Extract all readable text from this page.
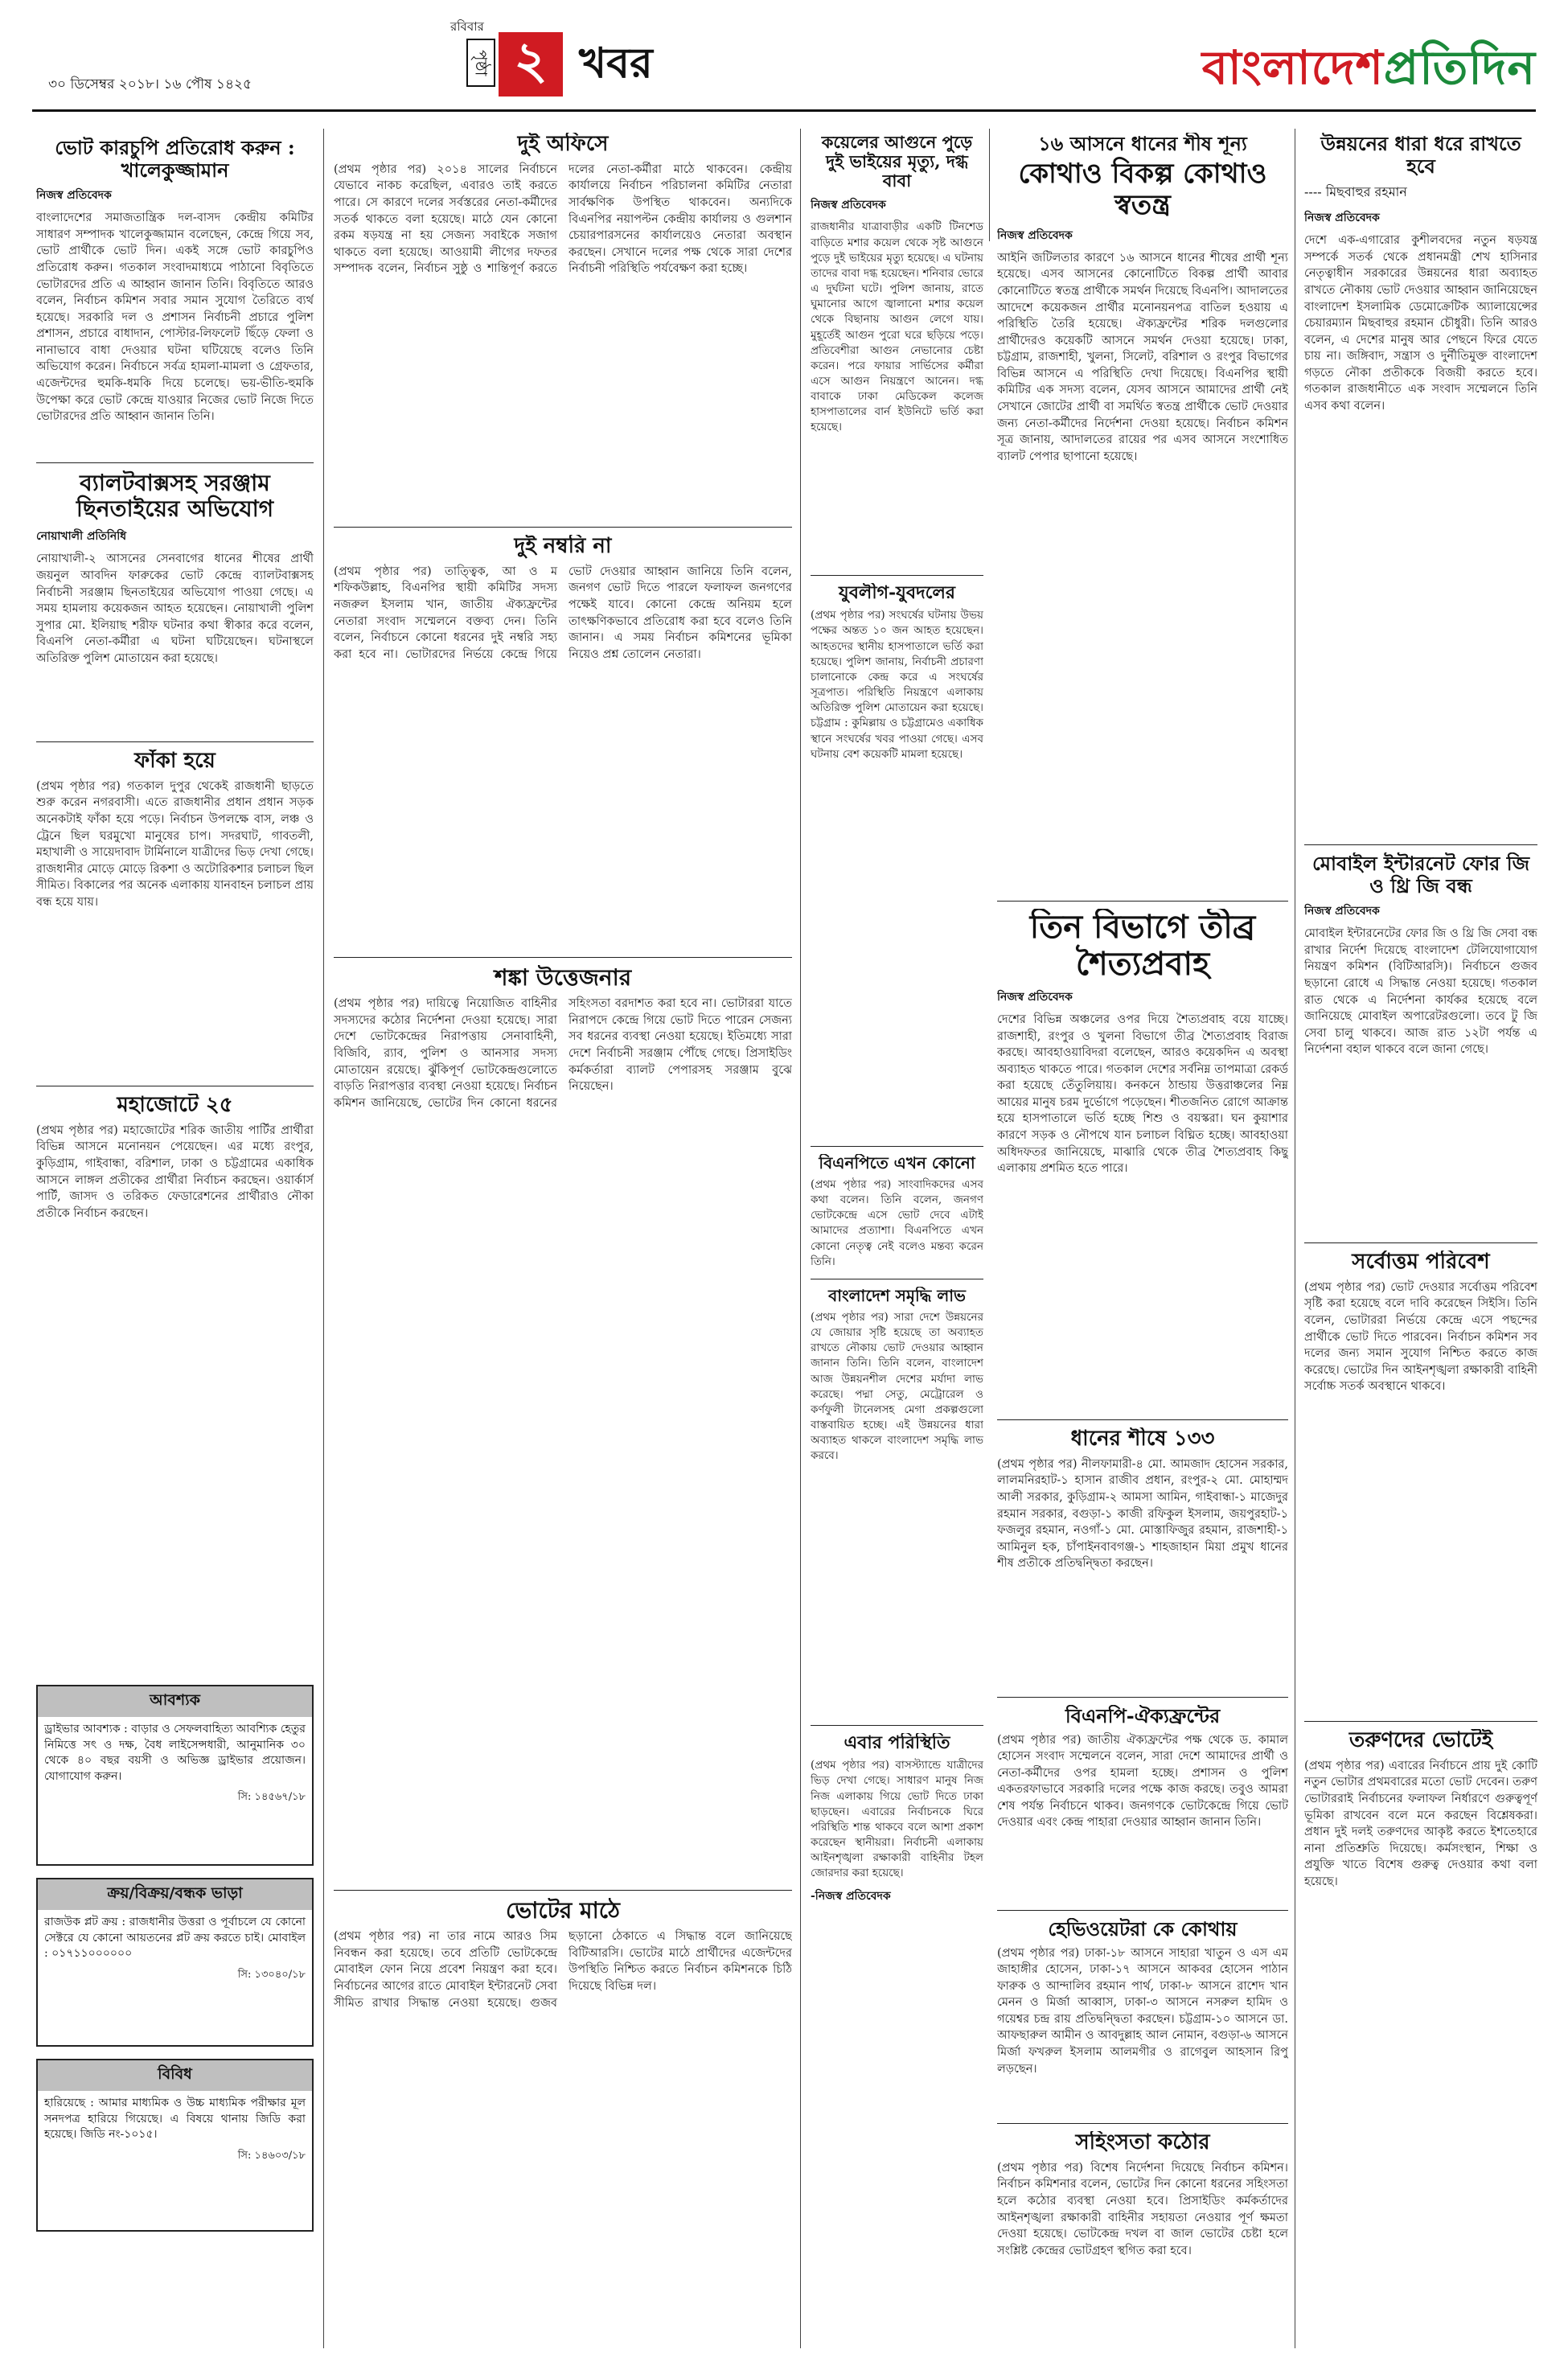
রবিবার
৩০ ডিসেম্বর ২০১৮। ১৬ পৌষ ১৪২৫
পৃষ্ঠা ২ খবর	বাংলাদেশপ্রতিদিন
ভোট কারচুপি প্রতিরোধ করুন : খালেকুজ্জামান
নিজস্ব প্রতিবেদক
বাংলাদেশের সমাজতান্ত্রিক দল-বাসদ কেন্দ্রীয় কমিটির সাধারণ সম্পাদক খালেকুজ্জামান বলেছেন, কেন্দ্রে গিয়ে সব, ভোট প্রার্থীকে ভোট দিন। একই সঙ্গে ভোট কারচুপিও প্রতিরোধ করুন। গতকাল সংবাদমাধ্যমে পাঠানো বিবৃতিতে ভোটারদের প্রতি এ আহ্বান জানান তিনি। বিবৃতিতে আরও বলেন, নির্বাচন কমিশন সবার সমান সুযোগ তৈরিতে ব্যর্থ হয়েছে। সরকারি দল ও প্রশাসন নির্বাচনী প্রচারে পুলিশ প্রশাসন, প্রচারে বাধাদান, পোস্টার-লিফলেট ছিঁড়ে ফেলা ও নানাভাবে বাধা দেওয়ার ঘটনা ঘটিয়েছে বলেও তিনি অভিযোগ করেন। নির্বাচনে সর্বত্র হামলা-মামলা ও গ্রেফতার, এজেন্টদের হুমকি-ধমকি দিয়ে চলেছে। ভয়-ভীতি-হুমকি উপেক্ষা করে ভোট কেন্দ্রে যাওয়ার নিজের ভোট নিজে দিতে ভোটারদের প্রতি আহ্বান জানান তিনি।
ব্যালটবাক্সসহ সরঞ্জাম ছিনতাইয়ের অভিযোগ
নোয়াখালী প্রতিনিধি
নোয়াখালী-২ আসনের সেনবাগের ধানের শীষের প্রার্থী জয়নুল আবদিন ফারুকের ভোট কেন্দ্রে ব্যালটবাক্সসহ নির্বাচনী সরঞ্জাম ছিনতাইয়ের অভিযোগ পাওয়া গেছে। এ সময় হামলায় কয়েকজন আহত হয়েছেন। নোয়াখালী পুলিশ সুপার মো. ইলিয়াছ শরীফ ঘটনার কথা স্বীকার করে বলেন, বিএনপি নেতা-কর্মীরা এ ঘটনা ঘটিয়েছেন। ঘটনাস্থলে অতিরিক্ত পুলিশ মোতায়েন করা হয়েছে।
ফাঁকা হয়ে
(প্রথম পৃষ্ঠার পর) গতকাল দুপুর থেকেই রাজধানী ছাড়তে শুরু করেন নগরবাসী। এতে রাজধানীর প্রধান প্রধান সড়ক অনেকটাই ফাঁকা হয়ে পড়ে। নির্বাচন উপলক্ষে বাস, লঞ্চ ও ট্রেনে ছিল ঘরমুখো মানুষের চাপ। সদরঘাট, গাবতলী, মহাখালী ও সায়েদাবাদ টার্মিনালে যাত্রীদের ভিড় দেখা গেছে। রাজধানীর মোড়ে মোড়ে রিকশা ও অটোরিকশার চলাচল ছিল সীমিত। বিকালের পর অনেক এলাকায় যানবাহন চলাচল প্রায় বন্ধ হয়ে যায়।
মহাজোটে ২৫
(প্রথম পৃষ্ঠার পর) মহাজোটের শরিক জাতীয় পার্টির প্রার্থীরা বিভিন্ন আসনে মনোনয়ন পেয়েছেন। এর মধ্যে রংপুর, কুড়িগ্রাম, গাইবান্ধা, বরিশাল, ঢাকা ও চট্টগ্রামের একাধিক আসনে লাঙ্গল প্রতীকের প্রার্থীরা নির্বাচন করছেন। ওয়ার্কার্স পার্টি, জাসদ ও তরিকত ফেডারেশনের প্রার্থীরাও নৌকা প্রতীকে নির্বাচন করছেন।
আবশ্যক
ড্রাইভার আবশ্যক : বাড়ার ও সেফলবাহিত্য আবশ্যিক হেতুর নিমিত্তে সৎ ও দক্ষ, বৈধ লাইসেন্সধারী, আনুমানিক ৩০ থেকে ৪০ বছর বয়সী ও অভিজ্ঞ ড্রাইভার প্রয়োজন। যোগাযোগ করুন।
সি: ১৪৫৬৭/১৮
ক্রয়/বিক্রয়/বন্ধক ভাড়া
রাজউক প্লট ক্রয় : রাজধানীর উত্তরা ও পূর্বাচলে যে কোনো সেক্টরে যে কোনো আয়তনের প্লট ক্রয় করতে চাই। মোবাইল : ০১৭১১০০০০০০
সি: ১৩০৪০/১৮
বিবিধ
হারিয়েছে : আমার মাধ্যমিক ও উচ্চ মাধ্যমিক পরীক্ষার মূল সনদপত্র হারিয়ে গিয়েছে। এ বিষয়ে থানায় জিডি করা হয়েছে। জিডি নং-১০১৫।
সি: ১৪৬০৩/১৮
দুই অফিসে
(প্রথম পৃষ্ঠার পর) ২০১৪ সালের নির্বাচনে যেভাবে নাকচ করেছিল, এবারও তাই করতে পারে। সে কারণে দলের সর্বস্তরের নেতা-কর্মীদের সতর্ক থাকতে বলা হয়েছে। মাঠে যেন কোনো রকম ষড়যন্ত্র না হয় সেজন্য সবাইকে সজাগ থাকতে বলা হয়েছে। আওয়ামী লীগের দফতর সম্পাদক বলেন, নির্বাচন সুষ্ঠু ও শান্তিপূর্ণ করতে দলের নেতা-কর্মীরা মাঠে থাকবেন। কেন্দ্রীয় কার্যালয়ে নির্বাচন পরিচালনা কমিটির নেতারা সার্বক্ষণিক উপস্থিত থাকবেন। অন্যদিকে বিএনপির নয়াপল্টন কেন্দ্রীয় কার্যালয় ও গুলশান চেয়ারপারসনের কার্যালয়েও নেতারা অবস্থান করছেন। সেখানে দলের পক্ষ থেকে সারা দেশের নির্বাচনী পরিস্থিতি পর্যবেক্ষণ করা হচ্ছে।
দুই নম্বরি না
(প্রথম পৃষ্ঠার পর) তাত্ত্বিক, আ ও ম শফিকউল্লাহ, বিএনপির স্থায়ী কমিটির সদস্য নজরুল ইসলাম খান, জাতীয় ঐক্যফ্রন্টের নেতারা সংবাদ সম্মেলনে বক্তব্য দেন। তিনি বলেন, নির্বাচনে কোনো ধরনের দুই নম্বরি সহ্য করা হবে না। ভোটারদের নির্ভয়ে কেন্দ্রে গিয়ে ভোট দেওয়ার আহ্বান জানিয়ে তিনি বলেন, জনগণ ভোট দিতে পারলে ফলাফল জনগণের পক্ষেই যাবে। কোনো কেন্দ্রে অনিয়ম হলে তাৎক্ষণিকভাবে প্রতিরোধ করা হবে বলেও তিনি জানান। এ সময় নির্বাচন কমিশনের ভূমিকা নিয়েও প্রশ্ন তোলেন নেতারা।
শঙ্কা উত্তেজনার
(প্রথম পৃষ্ঠার পর) দায়িত্বে নিয়োজিত বাহিনীর সদস্যদের কঠোর নির্দেশনা দেওয়া হয়েছে। সারা দেশে ভোটকেন্দ্রের নিরাপত্তায় সেনাবাহিনী, বিজিবি, র‌্যাব, পুলিশ ও আনসার সদস্য মোতায়েন রয়েছে। ঝুঁকিপূর্ণ ভোটকেন্দ্রগুলোতে বাড়তি নিরাপত্তার ব্যবস্থা নেওয়া হয়েছে। নির্বাচন কমিশন জানিয়েছে, ভোটের দিন কোনো ধরনের সহিংসতা বরদাশত করা হবে না। ভোটাররা যাতে নিরাপদে কেন্দ্রে গিয়ে ভোট দিতে পারেন সেজন্য সব ধরনের ব্যবস্থা নেওয়া হয়েছে। ইতিমধ্যে সারা দেশে নির্বাচনী সরঞ্জাম পৌঁছে গেছে। প্রিসাইডিং কর্মকর্তারা ব্যালট পেপারসহ সরঞ্জাম বুঝে নিয়েছেন।
ভোটের মাঠে
(প্রথম পৃষ্ঠার পর) না তার নামে আরও সিম নিবন্ধন করা হয়েছে। তবে প্রতিটি ভোটকেন্দ্রে মোবাইল ফোন নিয়ে প্রবেশ নিয়ন্ত্রণ করা হবে। নির্বাচনের আগের রাতে মোবাইল ইন্টারনেট সেবা সীমিত রাখার সিদ্ধান্ত নেওয়া হয়েছে। গুজব ছড়ানো ঠেকাতে এ সিদ্ধান্ত বলে জানিয়েছে বিটিআরসি। ভোটের মাঠে প্রার্থীদের এজেন্টদের উপস্থিতি নিশ্চিত করতে নির্বাচন কমিশনকে চিঠি দিয়েছে বিভিন্ন দল।
কয়েলের আগুনে পুড়ে দুই ভাইয়ের মৃত্যু, দগ্ধ বাবা
নিজস্ব প্রতিবেদক
রাজধানীর যাত্রাবাড়ীর একটি টিনশেড বাড়িতে মশার কয়েল থেকে সৃষ্ট আগুনে পুড়ে দুই ভাইয়ের মৃত্যু হয়েছে। এ ঘটনায় তাদের বাবা দগ্ধ হয়েছেন। শনিবার ভোরে এ দুর্ঘটনা ঘটে। পুলিশ জানায়, রাতে ঘুমানোর আগে জ্বালানো মশার কয়েল থেকে বিছানায় আগুন লেগে যায়। মুহূর্তেই আগুন পুরো ঘরে ছড়িয়ে পড়ে। প্রতিবেশীরা আগুন নেভানোর চেষ্টা করেন। পরে ফায়ার সার্ভিসের কর্মীরা এসে আগুন নিয়ন্ত্রণে আনেন। দগ্ধ বাবাকে ঢাকা মেডিকেল কলেজ হাসপাতালের বার্ন ইউনিটে ভর্তি করা হয়েছে।
যুবলীগ-যুবদলের
(প্রথম পৃষ্ঠার পর) সংঘর্ষের ঘটনায় উভয় পক্ষের অন্তত ১০ জন আহত হয়েছেন। আহতদের স্থানীয় হাসপাতালে ভর্তি করা হয়েছে। পুলিশ জানায়, নির্বাচনী প্রচারণা চালানোকে কেন্দ্র করে এ সংঘর্ষের সূত্রপাত। পরিস্থিতি নিয়ন্ত্রণে এলাকায় অতিরিক্ত পুলিশ মোতায়েন করা হয়েছে। চট্টগ্রাম : কুমিল্লায় ও চট্টগ্রামেও একাধিক স্থানে সংঘর্ষের খবর পাওয়া গেছে। এসব ঘটনায় বেশ কয়েকটি মামলা হয়েছে।
বিএনপিতে এখন কোনো
(প্রথম পৃষ্ঠার পর) সাংবাদিকদের এসব কথা বলেন। তিনি বলেন, জনগণ ভোটকেন্দ্রে এসে ভোট দেবে এটাই আমাদের প্রত্যাশা। বিএনপিতে এখন কোনো নেতৃত্ব নেই বলেও মন্তব্য করেন তিনি।
বাংলাদেশ সমৃদ্ধি লাভ
(প্রথম পৃষ্ঠার পর) সারা দেশে উন্নয়নের যে জোয়ার সৃষ্টি হয়েছে তা অব্যাহত রাখতে নৌকায় ভোট দেওয়ার আহ্বান জানান তিনি। তিনি বলেন, বাংলাদেশ আজ উন্নয়নশীল দেশের মর্যাদা লাভ করেছে। পদ্মা সেতু, মেট্রোরেল ও কর্ণফুলী টানেলসহ মেগা প্রকল্পগুলো বাস্তবায়িত হচ্ছে। এই উন্নয়নের ধারা অব্যাহত থাকলে বাংলাদেশ সমৃদ্ধি লাভ করবে।
এবার পরিস্থিতি
(প্রথম পৃষ্ঠার পর) বাসস্ট্যান্ডে যাত্রীদের ভিড় দেখা গেছে। সাধারণ মানুষ নিজ নিজ এলাকায় গিয়ে ভোট দিতে ঢাকা ছাড়ছেন। এবারের নির্বাচনকে ঘিরে পরিস্থিতি শান্ত থাকবে বলে আশা প্রকাশ করেছেন স্থানীয়রা। নির্বাচনী এলাকায় আইনশৃঙ্খলা রক্ষাকারী বাহিনীর টহল জোরদার করা হয়েছে।
-নিজস্ব প্রতিবেদক
১৬ আসনে ধানের শীষ শূন্য
কোথাও বিকল্প কোথাও স্বতন্ত্র
নিজস্ব প্রতিবেদক
আইনি জটিলতার কারণে ১৬ আসনে ধানের শীষের প্রার্থী শূন্য হয়েছে। এসব আসনের কোনোটিতে বিকল্প প্রার্থী আবার কোনোটিতে স্বতন্ত্র প্রার্থীকে সমর্থন দিয়েছে বিএনপি। আদালতের আদেশে কয়েকজন প্রার্থীর মনোনয়নপত্র বাতিল হওয়ায় এ পরিস্থিতি তৈরি হয়েছে। ঐক্যফ্রন্টের শরিক দলগুলোর প্রার্থীদেরও কয়েকটি আসনে সমর্থন দেওয়া হয়েছে। ঢাকা, চট্টগ্রাম, রাজশাহী, খুলনা, সিলেট, বরিশাল ও রংপুর বিভাগের বিভিন্ন আসনে এ পরিস্থিতি দেখা দিয়েছে। বিএনপির স্থায়ী কমিটির এক সদস্য বলেন, যেসব আসনে আমাদের প্রার্থী নেই সেখানে জোটের প্রার্থী বা সমর্থিত স্বতন্ত্র প্রার্থীকে ভোট দেওয়ার জন্য নেতা-কর্মীদের নির্দেশনা দেওয়া হয়েছে। নির্বাচন কমিশন সূত্র জানায়, আদালতের রায়ের পর এসব আসনে সংশোধিত ব্যালট পেপার ছাপানো হয়েছে।
তিন বিভাগে তীব্র শৈত্যপ্রবাহ
নিজস্ব প্রতিবেদক
দেশের বিভিন্ন অঞ্চলের ওপর দিয়ে শৈত্যপ্রবাহ বয়ে যাচ্ছে। রাজশাহী, রংপুর ও খুলনা বিভাগে তীব্র শৈত্যপ্রবাহ বিরাজ করছে। আবহাওয়াবিদরা বলেছেন, আরও কয়েকদিন এ অবস্থা অব্যাহত থাকতে পারে। গতকাল দেশের সর্বনিম্ন তাপমাত্রা রেকর্ড করা হয়েছে তেঁতুলিয়ায়। কনকনে ঠান্ডায় উত্তরাঞ্চলের নিম্ন আয়ের মানুষ চরম দুর্ভোগে পড়েছেন। শীতজনিত রোগে আক্রান্ত হয়ে হাসপাতালে ভর্তি হচ্ছে শিশু ও বয়স্করা। ঘন কুয়াশার কারণে সড়ক ও নৌপথে যান চলাচল বিঘ্নিত হচ্ছে। আবহাওয়া অধিদফতর জানিয়েছে, মাঝারি থেকে তীব্র শৈত্যপ্রবাহ কিছু এলাকায় প্রশমিত হতে পারে।
ধানের শীষে ১৩৩
(প্রথম পৃষ্ঠার পর) নীলফামারী-৪ মো. আমজাদ হোসেন সরকার, লালমনিরহাট-১ হাসান রাজীব প্রধান, রংপুর-২ মো. মোহাম্মদ আলী সরকার, কুড়িগ্রাম-২ আমসা আমিন, গাইবান্ধা-১ মাজেদুর রহমান সরকার, বগুড়া-১ কাজী রফিকুল ইসলাম, জয়পুরহাট-১ ফজলুর রহমান, নওগাঁ-১ মো. মোস্তাফিজুর রহমান, রাজশাহী-১ আমিনুল হক, চাঁপাইনবাবগঞ্জ-১ শাহজাহান মিয়া প্রমুখ ধানের শীষ প্রতীকে প্রতিদ্বন্দ্বিতা করছেন।
বিএনপি-ঐক্যফ্রন্টের
(প্রথম পৃষ্ঠার পর) জাতীয় ঐক্যফ্রন্টের পক্ষ থেকে ড. কামাল হোসেন সংবাদ সম্মেলনে বলেন, সারা দেশে আমাদের প্রার্থী ও নেতা-কর্মীদের ওপর হামলা হচ্ছে। প্রশাসন ও পুলিশ একতরফাভাবে সরকারি দলের পক্ষে কাজ করছে। তবুও আমরা শেষ পর্যন্ত নির্বাচনে থাকব। জনগণকে ভোটকেন্দ্রে গিয়ে ভোট দেওয়ার এবং কেন্দ্র পাহারা দেওয়ার আহ্বান জানান তিনি।
হেভিওয়েটরা কে কোথায়
(প্রথম পৃষ্ঠার পর) ঢাকা-১৮ আসনে সাহারা খাতুন ও এস এম জাহাঙ্গীর হোসেন, ঢাকা-১৭ আসনে আকবর হোসেন পাঠান ফারুক ও আন্দালিব রহমান পার্থ, ঢাকা-৮ আসনে রাশেদ খান মেনন ও মির্জা আব্বাস, ঢাকা-৩ আসনে নসরুল হামিদ ও গয়েশ্বর চন্দ্র রায় প্রতিদ্বন্দ্বিতা করছেন। চট্টগ্রাম-১০ আসনে ডা. আফছারুল আমীন ও আবদুল্লাহ আল নোমান, বগুড়া-৬ আসনে মির্জা ফখরুল ইসলাম আলমগীর ও রাগেবুল আহসান রিপু লড়ছেন।
সহিংসতা কঠোর
(প্রথম পৃষ্ঠার পর) বিশেষ নির্দেশনা দিয়েছে নির্বাচন কমিশন। নির্বাচন কমিশনার বলেন, ভোটের দিন কোনো ধরনের সহিংসতা হলে কঠোর ব্যবস্থা নেওয়া হবে। প্রিসাইডিং কর্মকর্তাদের আইনশৃঙ্খলা রক্ষাকারী বাহিনীর সহায়তা নেওয়ার পূর্ণ ক্ষমতা দেওয়া হয়েছে। ভোটকেন্দ্র দখল বা জাল ভোটের চেষ্টা হলে সংশ্লিষ্ট কেন্দ্রের ভোটগ্রহণ স্থগিত করা হবে।
উন্নয়নের ধারা ধরে রাখতে হবে
---- মিছবাহুর রহমান
নিজস্ব প্রতিবেদক
দেশে এক-এগারোর কুশীলবদের নতুন ষড়যন্ত্র সম্পর্কে সতর্ক থেকে প্রধানমন্ত্রী শেখ হাসিনার নেতৃত্বাধীন সরকারের উন্নয়নের ধারা অব্যাহত রাখতে নৌকায় ভোট দেওয়ার আহ্বান জানিয়েছেন বাংলাদেশ ইসলামিক ডেমোক্রেটিক অ্যালায়েন্সের চেয়ারম্যান মিছবাহুর রহমান চৌধুরী। তিনি আরও বলেন, এ দেশের মানুষ আর পেছনে ফিরে যেতে চায় না। জঙ্গিবাদ, সন্ত্রাস ও দুর্নীতিমুক্ত বাংলাদেশ গড়তে নৌকা প্রতীককে বিজয়ী করতে হবে। গতকাল রাজধানীতে এক সংবাদ সম্মেলনে তিনি এসব কথা বলেন।
মোবাইল ইন্টারনেট ফোর জি ও থ্রি জি বন্ধ
নিজস্ব প্রতিবেদক
মোবাইল ইন্টারনেটের ফোর জি ও থ্রি জি সেবা বন্ধ রাখার নির্দেশ দিয়েছে বাংলাদেশ টেলিযোগাযোগ নিয়ন্ত্রণ কমিশন (বিটিআরসি)। নির্বাচনে গুজব ছড়ানো রোধে এ সিদ্ধান্ত নেওয়া হয়েছে। গতকাল রাত থেকে এ নির্দেশনা কার্যকর হয়েছে বলে জানিয়েছে মোবাইল অপারেটরগুলো। তবে টু জি সেবা চালু থাকবে। আজ রাত ১২টা পর্যন্ত এ নির্দেশনা বহাল থাকবে বলে জানা গেছে।
সর্বোত্তম পরিবেশ
(প্রথম পৃষ্ঠার পর) ভোট দেওয়ার সর্বোত্তম পরিবেশ সৃষ্টি করা হয়েছে বলে দাবি করেছেন সিইসি। তিনি বলেন, ভোটাররা নির্ভয়ে কেন্দ্রে এসে পছন্দের প্রার্থীকে ভোট দিতে পারবেন। নির্বাচন কমিশন সব দলের জন্য সমান সুযোগ নিশ্চিত করতে কাজ করেছে। ভোটের দিন আইনশৃঙ্খলা রক্ষাকারী বাহিনী সর্বোচ্চ সতর্ক অবস্থানে থাকবে।
তরুণদের ভোটেই
(প্রথম পৃষ্ঠার পর) এবারের নির্বাচনে প্রায় দুই কোটি নতুন ভোটার প্রথমবারের মতো ভোট দেবেন। তরুণ ভোটাররাই নির্বাচনের ফলাফল নির্ধারণে গুরুত্বপূর্ণ ভূমিকা রাখবেন বলে মনে করছেন বিশ্লেষকরা। প্রধান দুই দলই তরুণদের আকৃষ্ট করতে ইশতেহারে নানা প্রতিশ্রুতি দিয়েছে। কর্মসংস্থান, শিক্ষা ও প্রযুক্তি খাতে বিশেষ গুরুত্ব দেওয়ার কথা বলা হয়েছে।
